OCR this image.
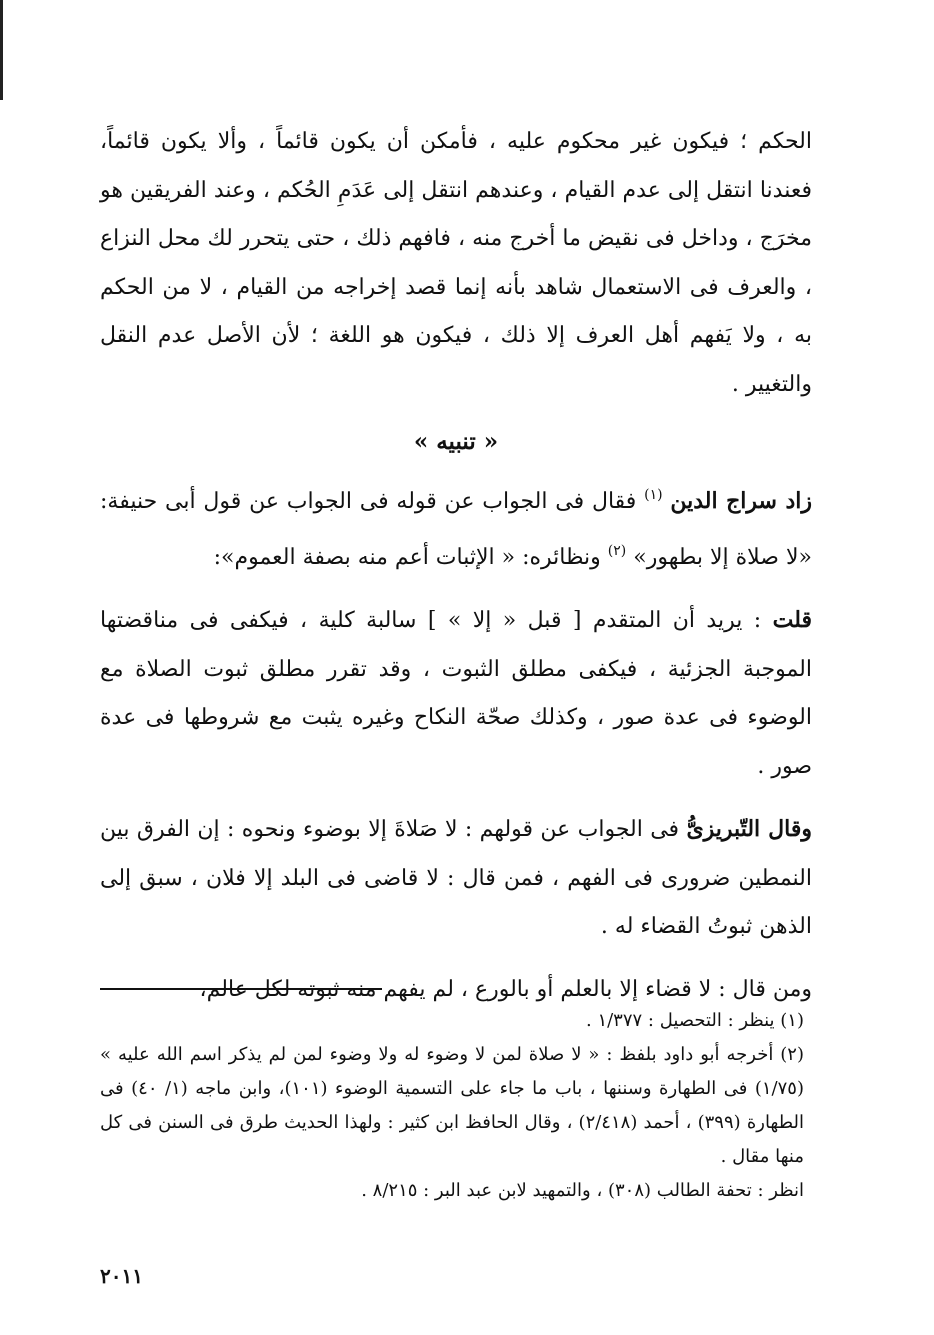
الحكم ؛ فيكون غير محكوم عليه ، فأمكن أن يكون قائماً ، وألا يكون قائماً، فعندنا انتقل إلى عدم القيام ، وعندهم انتقل إلى عَدَمِ الحُكم ، وعند الفريقين هو مخرَج ، وداخل فى نقيض ما أخرج منه ، فافهم ذلك ، حتى يتحرر لك محل النزاع ، والعرف فى الاستعمال شاهد بأنه إنما قصد إخراجه من القيام ، لا من الحكم به ، ولا يَفهم أهل العرف إلا ذلك ، فيكون هو اللغة ؛ لأن الأصل عدم النقل والتغيير .

« تنبيه »

زاد سراج الدين $^{(١)}$ فقال فى الجواب عن قوله فى الجواب عن قول أبى حنيفة: «لا صلاة إلا بطهور» $^{(٢)}$ ونظائره: « الإثبات أعم منه بصفة العموم»:

قلت : يريد أن المتقدم [ قبل « إلا » ] سالبة كلية ، فيكفى فى مناقضتها الموجبة الجزئية ، فيكفى مطلق الثبوت ، وقد تقرر مطلق ثبوت الصلاة مع الوضوء فى عدة صور ، وكذلك صحّة النكاح وغيره يثبت مع شروطها فى عدة صور .

وقال التّبريزىُّ فى الجواب عن قولهم : لا صَلاةَ إلا بوضوء ونحوه : إن الفرق بين النمطين ضرورى فى الفهم ، فمن قال : لا قاضى فى البلد إلا فلان ، سبق إلى الذهن ثبوتُ القضاء له .

ومن قال : لا قضاء إلا بالعلم أو بالورع ، لم يفهم منه ثبوته لكل عالم،

(١) ينظر : التحصيل : ١/٣٧٧ .

(٢) أخرجه أبو داود بلفظ : « لا صلاة لمن لا وضوء له ولا وضوء لمن لم يذكر اسم الله عليه » (١/٧٥) فى الطهارة وسننها ، باب ما جاء على التسمية الوضوء (١٠١)، وابن ماجه (١/ ٤٠) فى الطهارة (٣٩٩) ، أحمد (٢/٤١٨) ، وقال الحافظ ابن كثير : ولهذا الحديث طرق فى السنن فى كل منها مقال .

انظر : تحفة الطالب (٣٠٨) ، والتمهيد لابن عبد البر : ٨/٢١٥ .

٢٠١١
